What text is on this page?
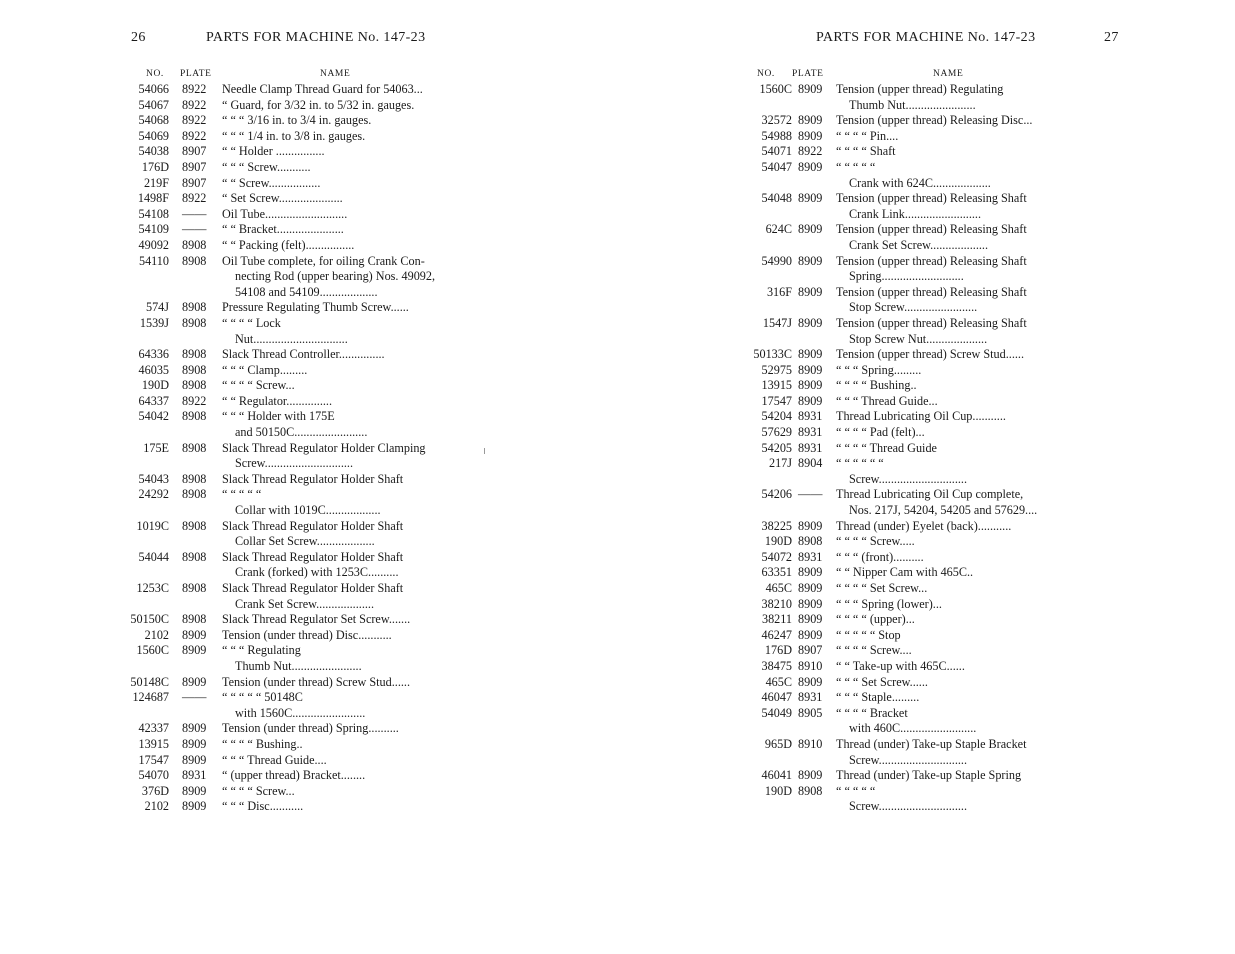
26	PARTS FOR MACHINE No. 147-23
NO. PLATE	NAME
54066 8922	Needle Clamp Thread Guard for 54063...
54067 8922	“ Guard, for 3/32 in. to 5/32 in. gauges.
54068 8922	“ “ “ 3/16 in. to 3/4 in. gauges.
54069 8922	“ “ “ 1/4 in. to 3/8 in. gauges.
54038 8907	“ “ Holder ................
176D 8907	“ “ “ Screw...........
219F 8907	“ “ Screw.................
1498F 8922	“ Set Screw.....................
54108 ——	Oil Tube...........................
54109 ——	“ “ Bracket......................
49092 8908	“ “ Packing (felt)................
54110 8908	Oil Tube complete, for oiling Crank Con-
necting Rod (upper bearing) Nos. 49092,
54108 and 54109...................
574J 8908	Pressure Regulating Thumb Screw......
1539J 8908	“ “ “ “ Lock
Nut...............................
64336 8908	Slack Thread Controller...............
46035 8908	“ “ “ Clamp.........
190D 8908	“ “ “ “ Screw...
64337 8922	“ “ Regulator...............
54042 8908	“ “ “ Holder with 175E
and 50150C........................
175E 8908	Slack Thread Regulator Holder Clamping
Screw.............................
54043 8908	Slack Thread Regulator Holder Shaft
24292 8908	“ “ “ “ “
Collar with 1019C..................
1019C 8908	Slack Thread Regulator Holder Shaft
Collar Set Screw...................
54044 8908	Slack Thread Regulator Holder Shaft
Crank (forked) with 1253C..........
1253C 8908	Slack Thread Regulator Holder Shaft
Crank Set Screw...................
50150C 8908	Slack Thread Regulator Set Screw.......
2102 8909	Tension (under thread) Disc...........
1560C 8909	“ “ “ Regulating
Thumb Nut.......................
50148C 8909	Tension (under thread) Screw Stud......
124687 ——	“ “ “ “ “ 50148C
with 1560C........................
42337 8909	Tension (under thread) Spring..........
13915 8909	“ “ “ “ Bushing..
17547 8909	“ “ “ Thread Guide....
54070 8931	“ (upper thread) Bracket........
376D 8909	“ “ “ “ Screw...
2102 8909	“ “ “ Disc...........
PARTS FOR MACHINE No. 147-23	27
NO. PLATE	NAME
1560C 8909	Tension (upper thread) Regulating
Thumb Nut.......................
32572 8909	Tension (upper thread) Releasing Disc...
54988 8909	“ “ “ “ Pin....
54071 8922	“ “ “ “ Shaft
54047 8909	“ “ “ “ “
Crank with 624C...................
54048 8909	Tension (upper thread) Releasing Shaft
Crank Link.........................
624C 8909	Tension (upper thread) Releasing Shaft
Crank Set Screw...................
54990 8909	Tension (upper thread) Releasing Shaft
Spring...........................
316F 8909	Tension (upper thread) Releasing Shaft
Stop Screw........................
1547J 8909	Tension (upper thread) Releasing Shaft
Stop Screw Nut....................
50133C 8909	Tension (upper thread) Screw Stud......
52975 8909	“ “ “ Spring.........
13915 8909	“ “ “ “ Bushing..
17547 8909	“ “ “ Thread Guide...
54204 8931	Thread Lubricating Oil Cup...........
57629 8931	“ “ “ “ Pad (felt)...
54205 8931	“ “ “ “ Thread Guide
217J 8904	“ “ “ “ “ “
Screw.............................
54206 ——	Thread Lubricating Oil Cup complete,
Nos. 217J, 54204, 54205 and 57629....
38225 8909	Thread (under) Eyelet (back)...........
190D 8908	“ “ “ “ Screw.....
54072 8931	“ “ “ (front)..........
63351 8909	“ “ Nipper Cam with 465C..
465C 8909	“ “ “ “ Set Screw...
38210 8909	“ “ “ Spring (lower)...
38211 8909	“ “ “ “ (upper)...
46247 8909	“ “ “ “ “ Stop
176D 8907	“ “ “ “ Screw....
38475 8910	“ “ Take-up with 465C......
465C 8909	“ “ “ Set Screw......
46047 8931	“ “ “ Staple.........
54049 8905	“ “ “ “ Bracket
with 460C.........................
965D 8910	Thread (under) Take-up Staple Bracket
Screw.............................
46041 8909	Thread (under) Take-up Staple Spring
190D 8908	“ “ “ “ “
Screw.............................
